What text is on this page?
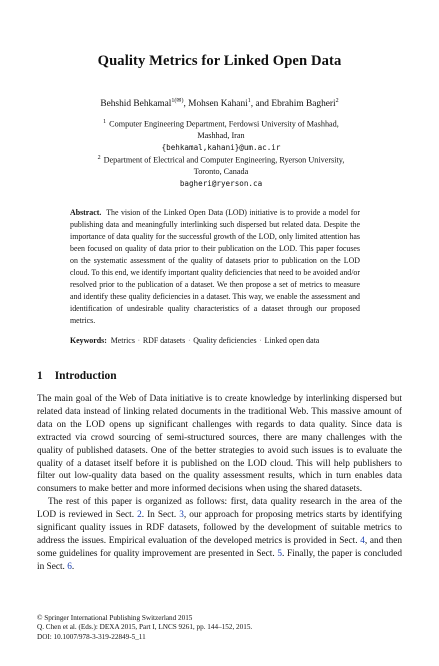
Quality Metrics for Linked Open Data
Behshid Behkamal$^{1(✉)}$, Mohsen Kahani$^1$, and Ebrahim Bagheri$^2$
$^1$ Computer Engineering Department, Ferdowsi University of Mashhad,
Mashhad, Iran
{behkamal,kahani}@um.ac.ir
$^2$ Department of Electrical and Computer Engineering, Ryerson University,
Toronto, Canada
bagheri@ryerson.ca
Abstract. The vision of the Linked Open Data (LOD) initiative is to provide a model for publishing data and meaningfully interlinking such dispersed but related data. Despite the importance of data quality for the successful growth of the LOD, only limited attention has been focused on quality of data prior to their publication on the LOD. This paper focuses on the systematic assessment of the quality of datasets prior to publication on the LOD cloud. To this end, we identify important quality deficiencies that need to be avoided and/or resolved prior to the publication of a dataset. We then propose a set of metrics to measure and identify these quality deficiencies in a dataset. This way, we enable the assessment and identification of undesirable quality characteristics of a dataset through our proposed metrics.
Keywords: Metrics · RDF datasets · Quality deficiencies · Linked open data
1 Introduction

The main goal of the Web of Data initiative is to create knowledge by interlinking dispersed but related data instead of linking related documents in the traditional Web. This massive amount of data on the LOD opens up significant challenges with regards to data quality. Since data is extracted via crowd sourcing of semi-structured sources, there are many challenges with the quality of published datasets. One of the better strategies to avoid such issues is to evaluate the quality of a dataset itself before it is published on the LOD cloud. This will help publishers to filter out low-quality data based on the quality assessment results, which in turn enables data consumers to make better and more informed decisions when using the shared datasets.

The rest of this paper is organized as follows: first, data quality research in the area of the LOD is reviewed in Sect. 2. In Sect. 3, our approach for proposing metrics starts by identifying significant quality issues in RDF datasets, followed by the development of suitable metrics to address the issues. Empirical evaluation of the developed metrics is provided in Sect. 4, and then some guidelines for quality improvement are presented in Sect. 5. Finally, the paper is concluded in Sect. 6.

© Springer International Publishing Switzerland 2015
Q. Chen et al. (Eds.): DEXA 2015, Part I, LNCS 9261, pp. 144–152, 2015.
DOI: 10.1007/978-3-319-22849-5_11
